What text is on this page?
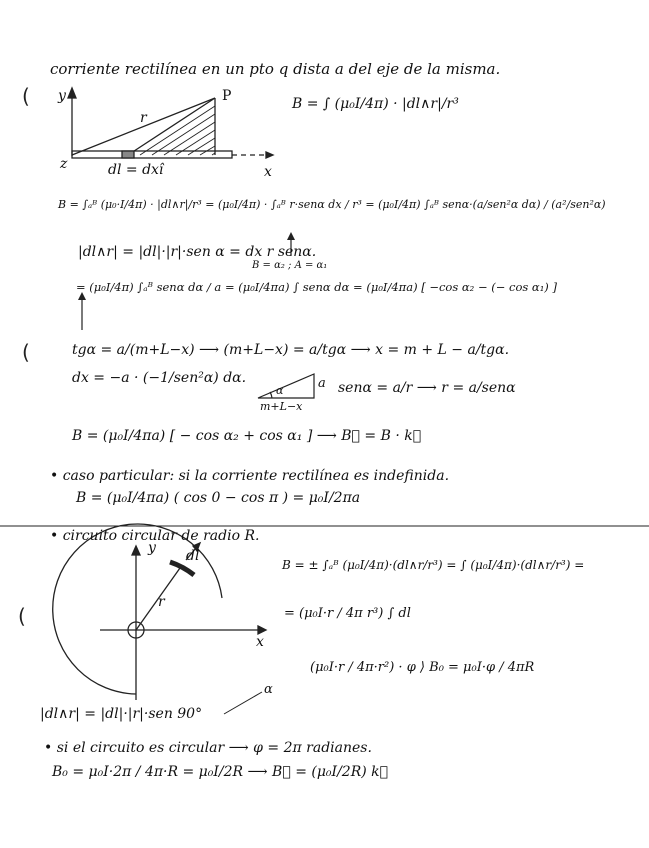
(
(
(
corriente rectilínea en un pto q dista a del eje de la misma.
y	P
r
z	x
dl = dxî
B = ∫ (μ₀I/4π) · |dl∧r|/r³
B = ∫ₐᴮ (μ₀·I/4π) · |dl∧r|/r³ = (μ₀I/4π) · ∫ₐᴮ r·senα dx / r³ = (μ₀I/4π) ∫ₐᴮ senα·(a/sen²α dα) / (a²/sen²α)
|dl∧r| = |dl|·|r|·sen α = dx r senα.
= (μ₀I/4π) ∫ₐᴮ senα dα / a = (μ₀I/4πa) ∫ senα dα = (μ₀I/4πa) [ −cos α₂ − (− cos α₁) ]
B = α₂ ; A = α₁
tgα = a/(m+L−x) ⟶ (m+L−x) = a/tgα ⟶ x = m + L − a/tgα.
dx = −a · (−1/sen²α) dα.	a
α
m+L−x
senα = a/r ⟶ r = a/senα
B = (μ₀I/4πa) [ − cos α₂ + cos α₁ ] ⟶ B⃗ = B · k⃗
• caso particular: si la corriente rectilínea es indefinida.
B = (μ₀I/4πa) ( cos 0 − cos π ) = μ₀I/2πa
• circuito circular de radio R.
y
x
r
dl
α
B = ± ∫ₐᴮ (μ₀I/4π)·(dl∧r/r³) = ∫ (μ₀I/4π)·(dl∧r/r³) =
= (μ₀I·r / 4π r³) ∫ dl
(μ₀I·r / 4π·r²) · φ ⟩ B₀ = μ₀I·φ / 4πR
|dl∧r| = |dl|·|r|·sen 90°
• si el circuito es circular ⟶ φ = 2π radianes.
B₀ = μ₀I·2π / 4π·R = μ₀I/2R ⟶ B⃗ = (μ₀I/2R) k⃗
